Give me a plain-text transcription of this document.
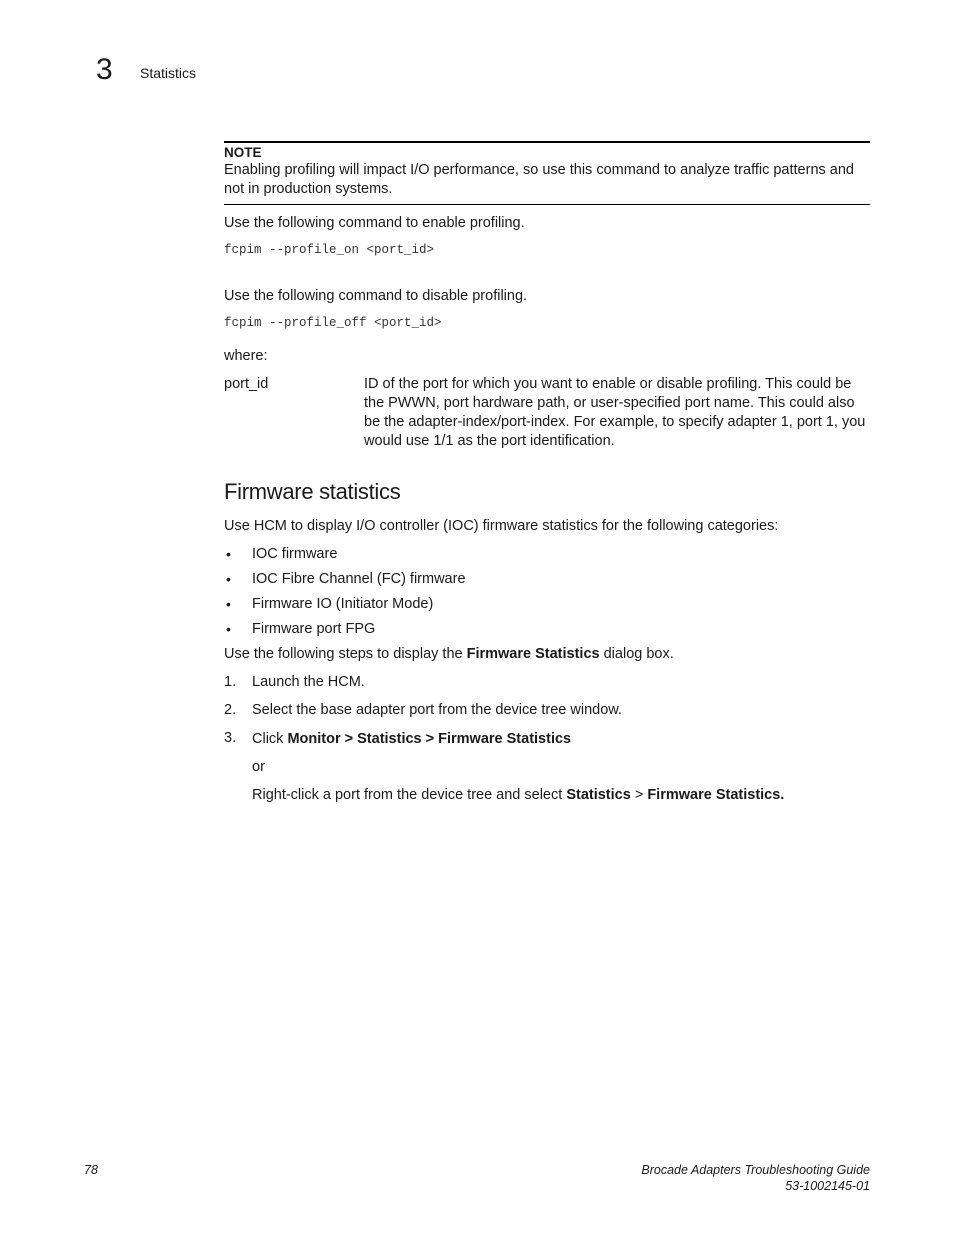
3 Statistics
NOTE
Enabling profiling will impact I/O performance, so use this command to analyze traffic patterns and not in production systems.
Use the following command to enable profiling.
fcpim --profile_on <port_id>
Use the following command to disable profiling.
fcpim --profile_off <port_id>
where:
port_id	ID of the port for which you want to enable or disable profiling. This could be the PWWN, port hardware path, or user-specified port name. This could also be the adapter-index/port-index. For example, to specify adapter 1, port 1, you would use 1/1 as the port identification.
Firmware statistics
Use HCM to display I/O controller (IOC) firmware statistics for the following categories:
• IOC firmware
• IOC Fibre Channel (FC) firmware
• Firmware IO (Initiator Mode)
• Firmware port FPG
Use the following steps to display the Firmware Statistics dialog box.
1. Launch the HCM.
2. Select the base adapter port from the device tree window.
3. Click Monitor > Statistics > Firmware Statistics
or
Right-click a port from the device tree and select Statistics > Firmware Statistics.
78	Brocade Adapters Troubleshooting Guide
53-1002145-01
